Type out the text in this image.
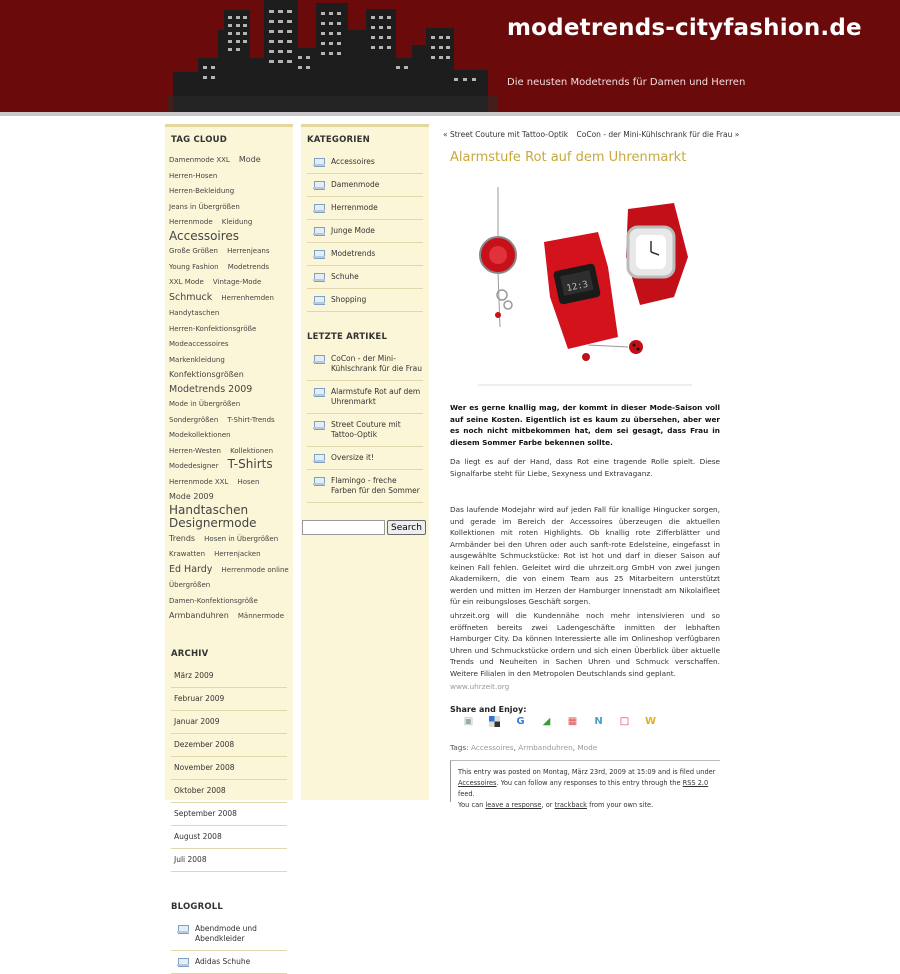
modetrends-cityfashion.de
Die neusten Modetrends für Damen und Herren
TAG CLOUD
Damenmode XXL Mode Herren-Hosen Herren-Bekleidung Jeans in Übergrößen Herrenmode Kleidung Accessoires Große Größen Herrenjeans Young Fashion Modetrends XXL Mode Vintage-Mode Schmuck Herrenhemden Handytaschen Herren-Konfektionsgröße Modeaccessoires Markenkleidung Konfektionsgrößen Modetrends 2009 Mode in Übergrößen Sondergrößen T-Shirt-Trends Modekollektionen Herren-Westen Kollektionen Modedesigner T-Shirts Herrenmode XXL Hosen Mode 2009 Handtaschen Designermode Trends Hosen in Übergrößen Krawatten Herrenjacken Ed Hardy Herrenmode online Übergrößen Damen-Konfektionsgröße Armbanduhren Männermode
ARCHIV
März 2009
Februar 2009
Januar 2009
Dezember 2008
November 2008
Oktober 2008
September 2008
August 2008
Juli 2008
BLOGROLL
Abendmode und Abendkleider
Adidas Schuhe
KATEGORIEN
Accessoires
Damenmode
Herrenmode
Junge Mode
Modetrends
Schuhe
Shopping
LETZTE ARTIKEL
CoCon - der Mini-Kühlschrank für die Frau
Alarmstufe Rot auf dem Uhrenmarkt
Street Couture mit Tattoo-Optik
Oversize it!
Flamingo - freche Farben für den Sommer
Search
« Street Couture mit Tattoo-Optik CoCon - der Mini-Kühlschrank für die Frau »
Alarmstufe Rot auf dem Uhrenmarkt
12:3
Wer es gerne knallig mag, der kommt in dieser Mode-Saison voll auf seine Kosten. Eigentlich ist es kaum zu übersehen, aber wer es noch nicht mitbekommen hat, dem sei gesagt, dass Frau in diesem Sommer Farbe bekennen sollte.
Da liegt es auf der Hand, dass Rot eine tragende Rolle spielt. Diese Signalfarbe steht für Liebe, Sexyness und Extravaganz.
Das laufende Modejahr wird auf jeden Fall für knallige Hingucker sorgen, und gerade im Bereich der Accessoires überzeugen die aktuellen Kollektionen mit roten Highlights. Ob knallig rote Zifferblätter und Armbänder bei den Uhren oder auch sanft-rote Edelsteine, eingefasst in ausgewählte Schmuckstücke: Rot ist hot und darf in dieser Saison auf keinen Fall fehlen. Geleitet wird die uhrzeit.org GmbH von zwei jungen Akademikern, die von einem Team aus 25 Mitarbeitern unterstützt werden und mitten im Herzen der Hamburger Innenstadt am Nikolaifleet für ein reibungsloses Geschäft sorgen.
uhrzeit.org will die Kundennähe noch mehr intensivieren und so eröffneten bereits zwei Ladengeschäfte inmitten der lebhaften Hamburger City. Da können Interessierte alle im Onlineshop verfügbaren Uhren und Schmuckstücke ordern und sich einen Überblick über aktuelle Trends und Neuheiten in Sachen Uhren und Schmuck verschaffen. Weitere Filialen in den Metropolen Deutschlands sind geplant.
www.uhrzeit.org
Share and Enjoy:
▣	G ◢ ▦ N □ W
Tags: Accessoires, Armbanduhren, Mode
This entry was posted on Montag, März 23rd, 2009 at 15:09 and is filed under Accessoires. You can follow any responses to this entry through the RSS 2.0 feed.
You can leave a response, or trackback from your own site.
